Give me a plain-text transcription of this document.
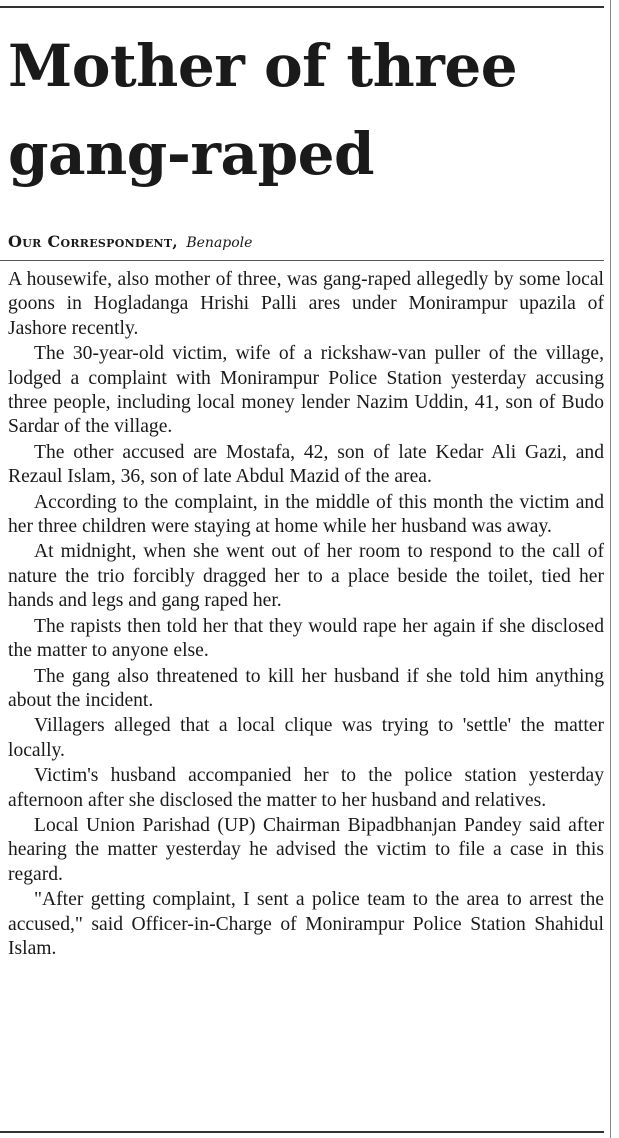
Mother of three gang-raped
Our Correspondent, Benapole

A housewife, also mother of three, was gang-raped allegedly by some local goons in Hogladanga Hrishi Palli ares under Monirampur upazila of Jashore recently.

The 30-year-old victim, wife of a rickshaw-van puller of the village, lodged a complaint with Monirampur Police Station yesterday accusing three people, including local money lender Nazim Uddin, 41, son of Budo Sardar of the village.

The other accused are Mostafa, 42, son of late Kedar Ali Gazi, and Rezaul Islam, 36, son of late Abdul Mazid of the area.

According to the complaint, in the middle of this month the victim and her three children were staying at home while her husband was away.

At midnight, when she went out of her room to respond to the call of nature the trio forcibly dragged her to a place beside the toilet, tied her hands and legs and gang raped her.

The rapists then told her that they would rape her again if she disclosed the matter to anyone else.

The gang also threatened to kill her husband if she told him anything about the incident.

Villagers alleged that a local clique was trying to 'settle' the matter locally.

Victim's husband accompanied her to the police station yesterday afternoon after she disclosed the matter to her husband and relatives.

Local Union Parishad (UP) Chairman Bipadbhanjan Pandey said after hearing the matter yesterday he advised the victim to file a case in this regard.

"After getting complaint, I sent a police team to the area to arrest the accused," said Officer-in-Charge of Monirampur Police Station Shahidul Islam.
